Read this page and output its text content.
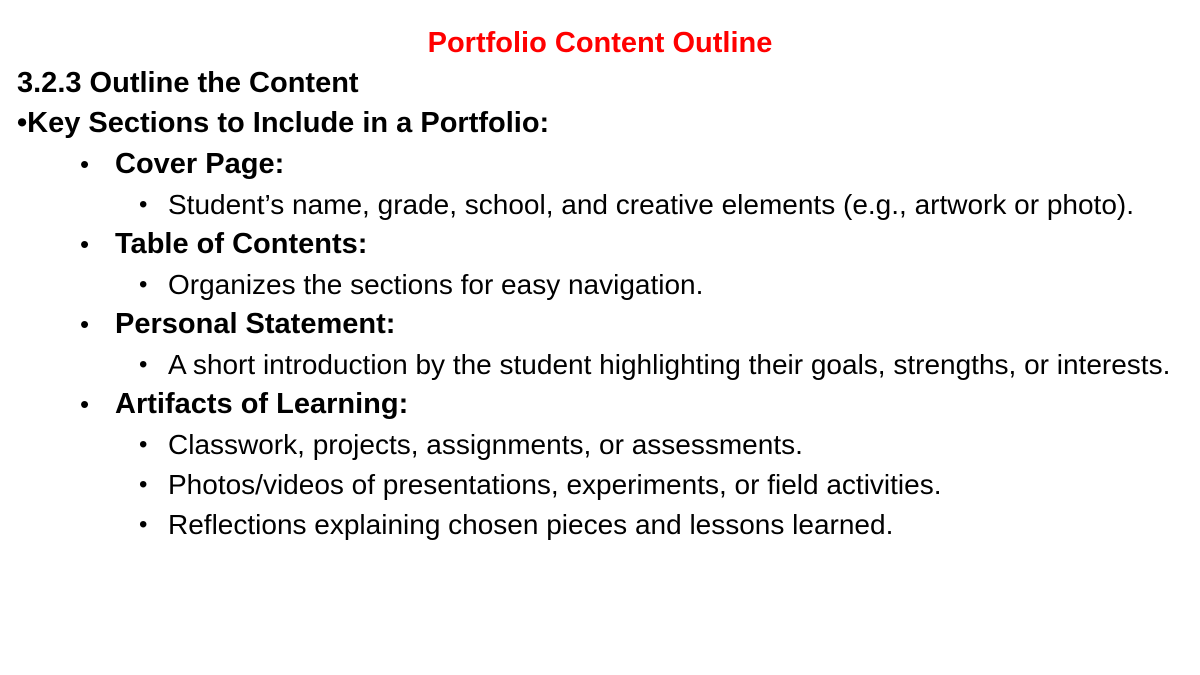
Portfolio Content Outline
3.2.3 Outline the Content
•Key Sections to Include in a Portfolio:
• Cover Page:
• Student’s name, grade, school, and creative elements (e.g., artwork or photo).
• Table of Contents:
• Organizes the sections for easy navigation.
• Personal Statement:
• A short introduction by the student highlighting their goals, strengths, or interests.
• Artifacts of Learning:
• Classwork, projects, assignments, or assessments.
• Photos/videos of presentations, experiments, or field activities.
• Reflections explaining chosen pieces and lessons learned.
